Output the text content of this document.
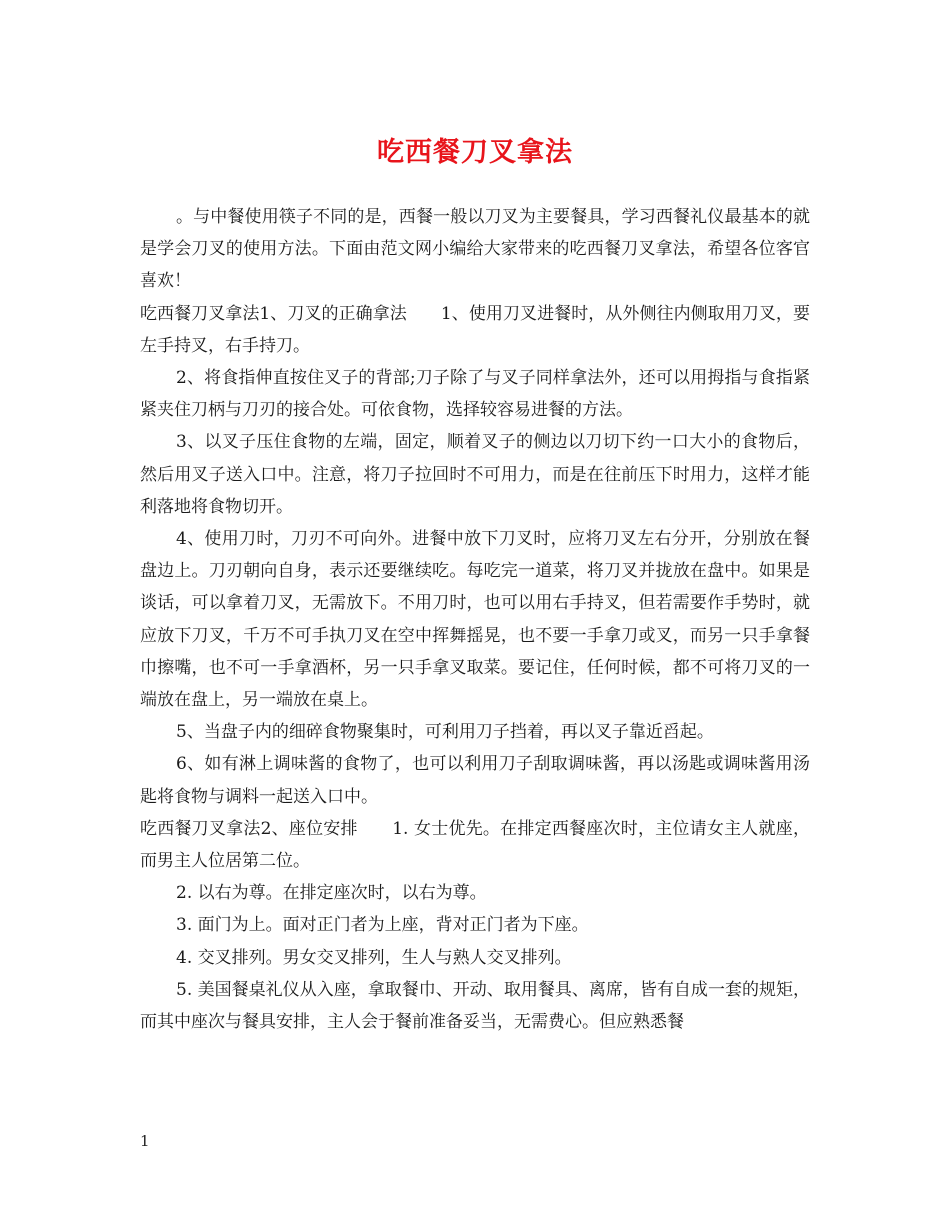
吃西餐刀叉拿法

。与中餐使用筷子不同的是，西餐一般以刀叉为主要餐具，学习西餐礼仪最基本的就是学会刀叉的使用方法。下面由范文网小编给大家带来的吃西餐刀叉拿法，希望各位客官喜欢！

吃西餐刀叉拿法1、刀叉的正确拿法　　1、使用刀叉进餐时，从外侧往内侧取用刀叉，要左手持叉，右手持刀。

2、将食指伸直按住叉子的背部;刀子除了与叉子同样拿法外，还可以用拇指与食指紧紧夹住刀柄与刀刃的接合处。可依食物，选择较容易进餐的方法。

3、以叉子压住食物的左端，固定，顺着叉子的侧边以刀切下约一口大小的食物后，然后用叉子送入口中。注意，将刀子拉回时不可用力，而是在往前压下时用力，这样才能利落地将食物切开。

4、使用刀时，刀刃不可向外。进餐中放下刀叉时，应将刀叉左右分开，分别放在餐盘边上。刀刃朝向自身，表示还要继续吃。每吃完一道菜，将刀叉并拢放在盘中。如果是谈话，可以拿着刀叉，无需放下。不用刀时，也可以用右手持叉，但若需要作手势时，就应放下刀叉，千万不可手执刀叉在空中挥舞摇晃，也不要一手拿刀或叉，而另一只手拿餐巾擦嘴，也不可一手拿酒杯，另一只手拿叉取菜。要记住，任何时候，都不可将刀叉的一端放在盘上，另一端放在桌上。

5、当盘子内的细碎食物聚集时，可利用刀子挡着，再以叉子靠近舀起。

6、如有淋上调味酱的食物了，也可以利用刀子刮取调味酱，再以汤匙或调味酱用汤匙将食物与调料一起送入口中。

吃西餐刀叉拿法2、座位安排　　1. 女士优先。在排定西餐座次时，主位请女主人就座，而男主人位居第二位。

2. 以右为尊。在排定座次时，以右为尊。

3. 面门为上。面对正门者为上座，背对正门者为下座。

4. 交叉排列。男女交叉排列，生人与熟人交叉排列。

5. 美国餐桌礼仪从入座，拿取餐巾、开动、取用餐具、离席，皆有自成一套的规矩，而其中座次与餐具安排，主人会于餐前准备妥当，无需费心。但应熟悉餐

1
